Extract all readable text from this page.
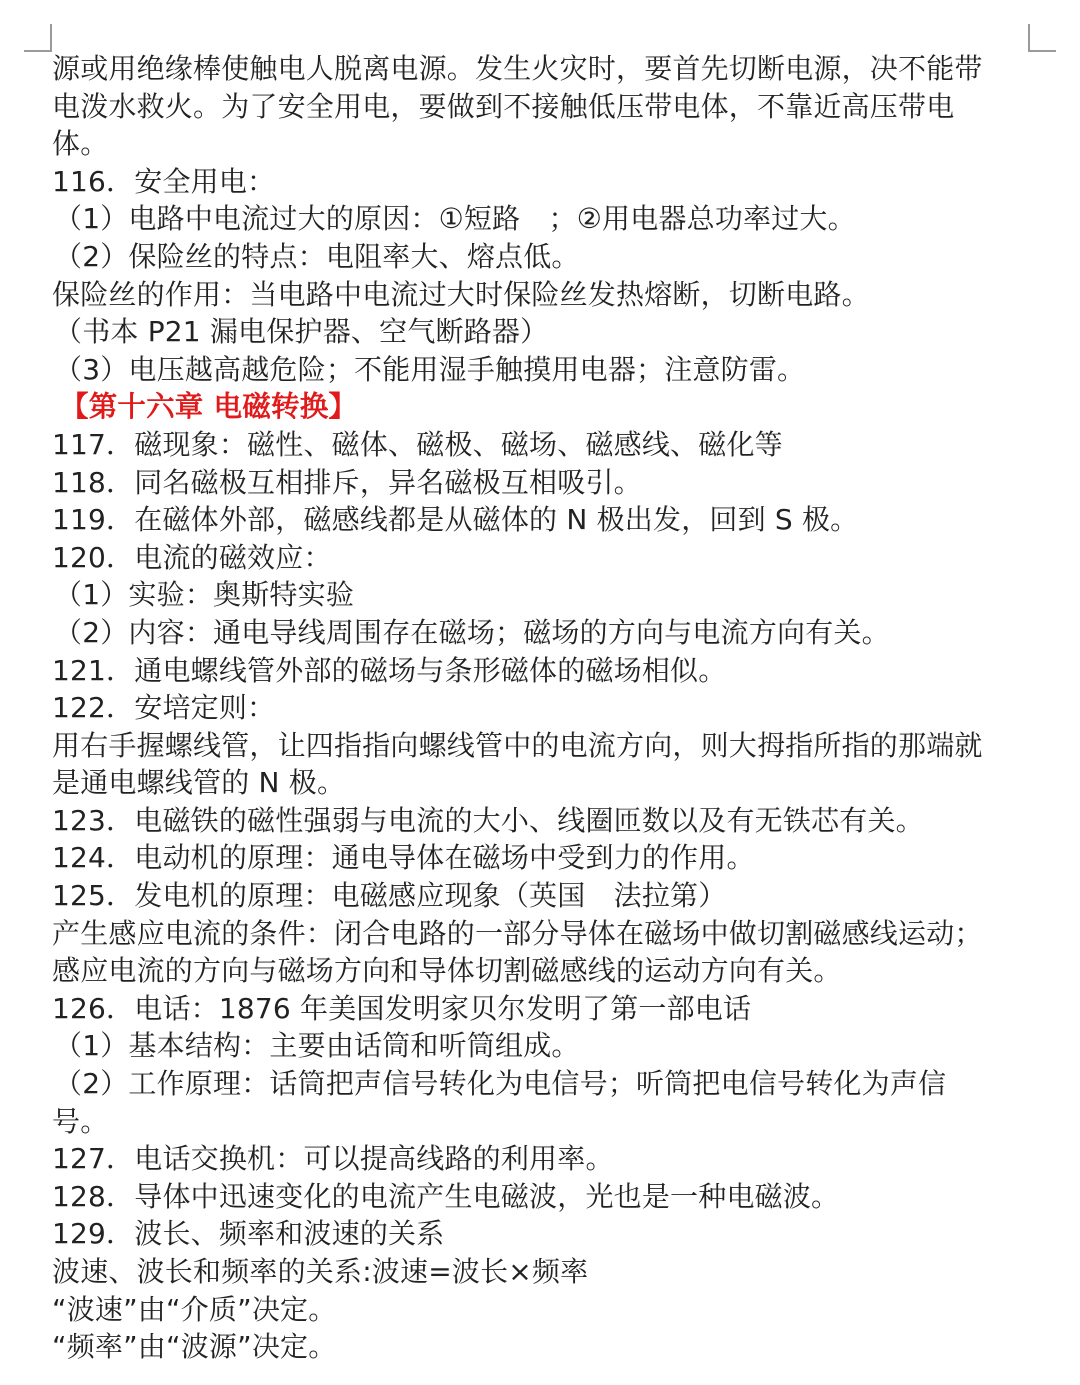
源或用绝缘棒使触电人脱离电源。发生火灾时，要首先切断电源，决不能带
电泼水救火。为了安全用电，要做到不接触低压带电体，不靠近高压带电
体。
116．安全用电：
（1）电路中电流过大的原因：①短路　；②用电器总功率过大。
（2）保险丝的特点：电阻率大、熔点低。
保险丝的作用：当电路中电流过大时保险丝发热熔断，切断电路。
（书本 P21 漏电保护器、空气断路器）
（3）电压越高越危险；不能用湿手触摸用电器；注意防雷。
【第十六章 电磁转换】
117．磁现象：磁性、磁体、磁极、磁场、磁感线、磁化等
118．同名磁极互相排斥，异名磁极互相吸引。
119．在磁体外部，磁感线都是从磁体的 N 极出发，回到 S 极。
120．电流的磁效应：
（1）实验：奥斯特实验
（2）内容：通电导线周围存在磁场；磁场的方向与电流方向有关。
121．通电螺线管外部的磁场与条形磁体的磁场相似。
122．安培定则：
用右手握螺线管，让四指指向螺线管中的电流方向，则大拇指所指的那端就
是通电螺线管的 N 极。
123．电磁铁的磁性强弱与电流的大小、线圈匝数以及有无铁芯有关。
124．电动机的原理：通电导体在磁场中受到力的作用。
125．发电机的原理：电磁感应现象（英国　法拉第）
产生感应电流的条件：闭合电路的一部分导体在磁场中做切割磁感线运动；
感应电流的方向与磁场方向和导体切割磁感线的运动方向有关。
126．电话：1876 年美国发明家贝尔发明了第一部电话
（1）基本结构：主要由话筒和听筒组成。
（2）工作原理：话筒把声信号转化为电信号；听筒把电信号转化为声信
号。
127．电话交换机：可以提高线路的利用率。
128．导体中迅速变化的电流产生电磁波，光也是一种电磁波。
129．波长、频率和波速的关系
波速、波长和频率的关系:波速=波长×频率
“波速”由“介质”决定。
“频率”由“波源”决定。
